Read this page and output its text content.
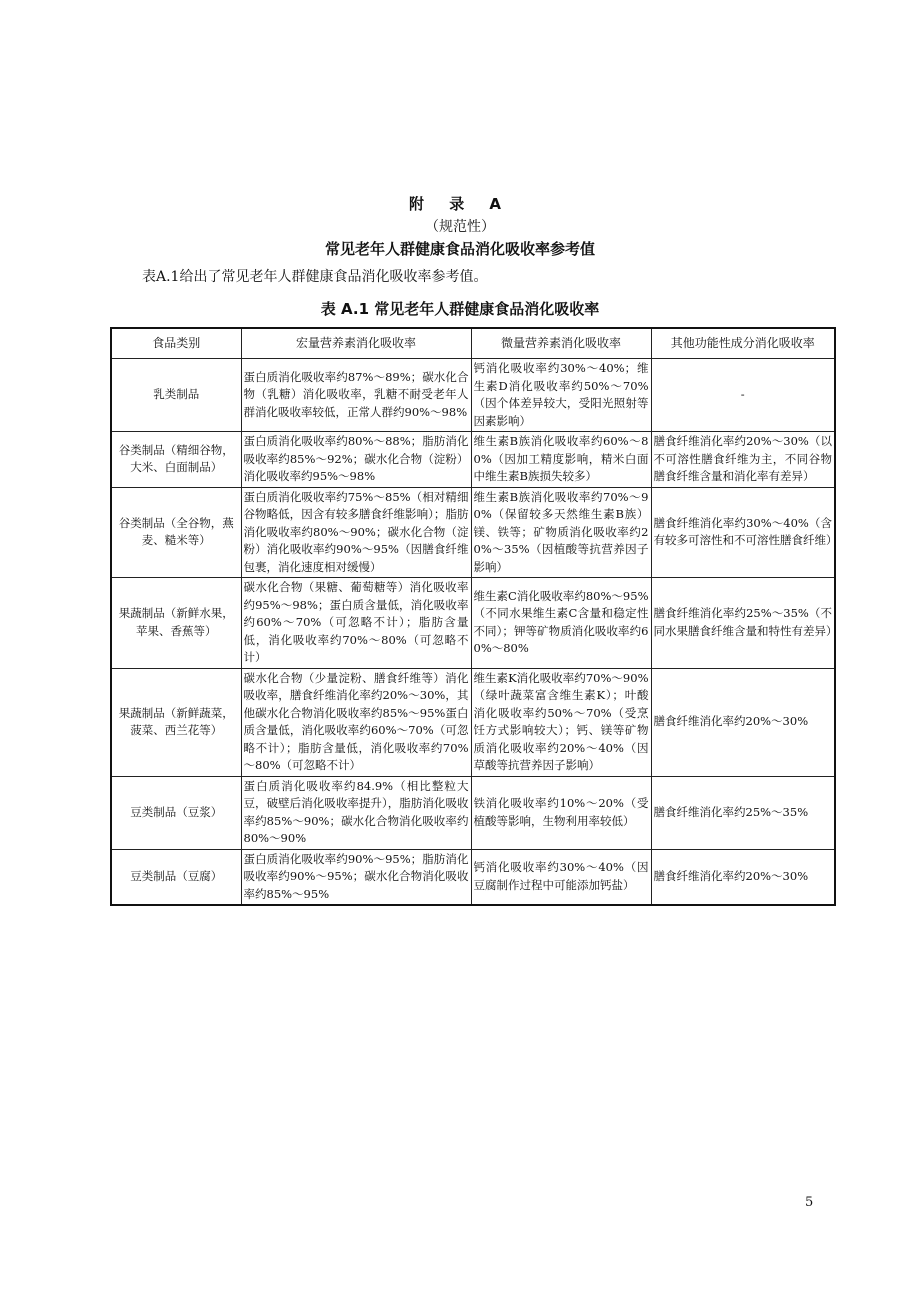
附 录 A
（规范性）
常见老年人群健康食品消化吸收率参考值
表A.1给出了常见老年人群健康食品消化吸收率参考值。
表 A.1 常见老年人群健康食品消化吸收率
食品类别	宏量营养素消化吸收率	微量营养素消化吸收率	其他功能性成分消化吸收率
乳类制品	蛋白质消化吸收率约87%～89%；碳水化合物（乳糖）消化吸收率，乳糖不耐受老年人群消化吸收率较低，正常人群约90%～98%	钙消化吸收率约30%～40%；维生素D消化吸收率约50%～70%（因个体差异较大，受阳光照射等因素影响）	-
谷类制品（精细谷物，大米、白面制品）	蛋白质消化吸收率约80%～88%；脂肪消化吸收率约85%～92%；碳水化合物（淀粉）消化吸收率约95%～98%	维生素B族消化吸收率约60%～80%（因加工精度影响，精米白面中维生素B族损失较多）	膳食纤维消化率约20%～30%（以不可溶性膳食纤维为主，不同谷物膳食纤维含量和消化率有差异）
谷类制品（全谷物，燕麦、糙米等）	蛋白质消化吸收率约75%～85%（相对精细谷物略低，因含有较多膳食纤维影响）；脂肪消化吸收率约80%～90%；碳水化合物（淀粉）消化吸收率约90%～95%（因膳食纤维包裹，消化速度相对缓慢）	维生素B族消化吸收率约70%～90%（保留较多天然维生素B族）镁、铁等；矿物质消化吸收率约20%～35%（因植酸等抗营养因子影响）	膳食纤维消化率约30%～40%（含有较多可溶性和不可溶性膳食纤维）
果蔬制品（新鲜水果，苹果、香蕉等）	碳水化合物（果糖、葡萄糖等）消化吸收率约95%～98%；蛋白质含量低，消化吸收率约60%～70%（可忽略不计）；脂肪含量低，消化吸收率约70%～80%（可忽略不计）	维生素C消化吸收率约80%～95%（不同水果维生素C含量和稳定性不同）；钾等矿物质消化吸收率约60%～80%	膳食纤维消化率约25%～35%（不同水果膳食纤维含量和特性有差异）
果蔬制品（新鲜蔬菜，菠菜、西兰花等）	碳水化合物（少量淀粉、膳食纤维等）消化吸收率，膳食纤维消化率约20%～30%，其他碳水化合物消化吸收率约85%～95%蛋白质含量低，消化吸收率约60%～70%（可忽略不计）；脂肪含量低，消化吸收率约70%～80%（可忽略不计）	维生素K消化吸收率约70%～90%（绿叶蔬菜富含维生素K）；叶酸消化吸收率约50%～70%（受烹饪方式影响较大）；钙、镁等矿物质消化吸收率约20%～40%（因草酸等抗营养因子影响）	膳食纤维消化率约20%～30%
豆类制品（豆浆）	蛋白质消化吸收率约84.9%（相比整粒大豆，破壁后消化吸收率提升），脂肪消化吸收率约85%～90%；碳水化合物消化吸收率约80%～90%	铁消化吸收率约10%～20%（受植酸等影响，生物利用率较低）	膳食纤维消化率约25%～35%
豆类制品（豆腐）	蛋白质消化吸收率约90%～95%；脂肪消化吸收率约90%～95%；碳水化合物消化吸收率约85%～95%	钙消化吸收率约30%～40%（因豆腐制作过程中可能添加钙盐）	膳食纤维消化率约20%～30%
5
